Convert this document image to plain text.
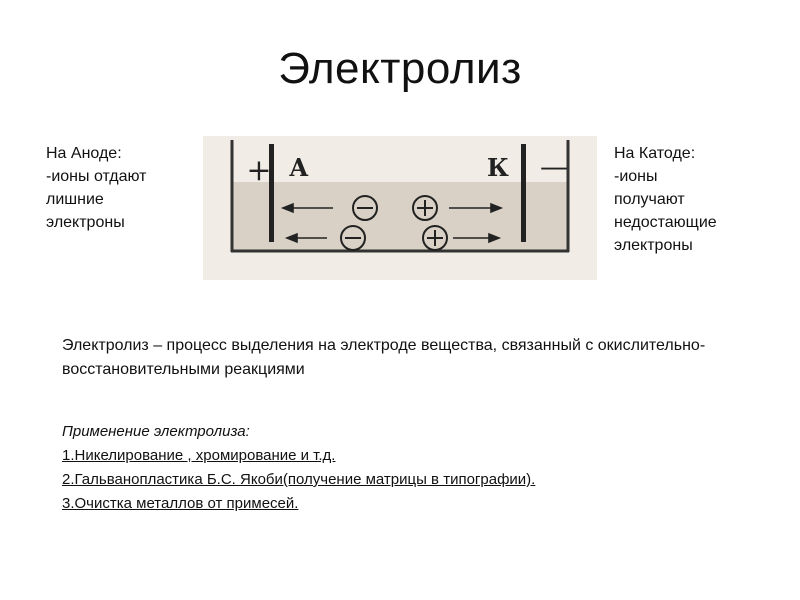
Электролиз
На Аноде:
-ионы отдают
лишние
электроны
На Катоде:
-ионы
получают
недостающие
электроны
+ А	К —
Электролиз – процесс выделения на электроде вещества, связанный с окислительно-восстановительными реакциями
Применение электролиза:
1.Никелирование , хромирование и т.д.
2.Гальванопластика Б.С. Якоби(получение матрицы в типографии).
3.Очистка металлов от примесей.
